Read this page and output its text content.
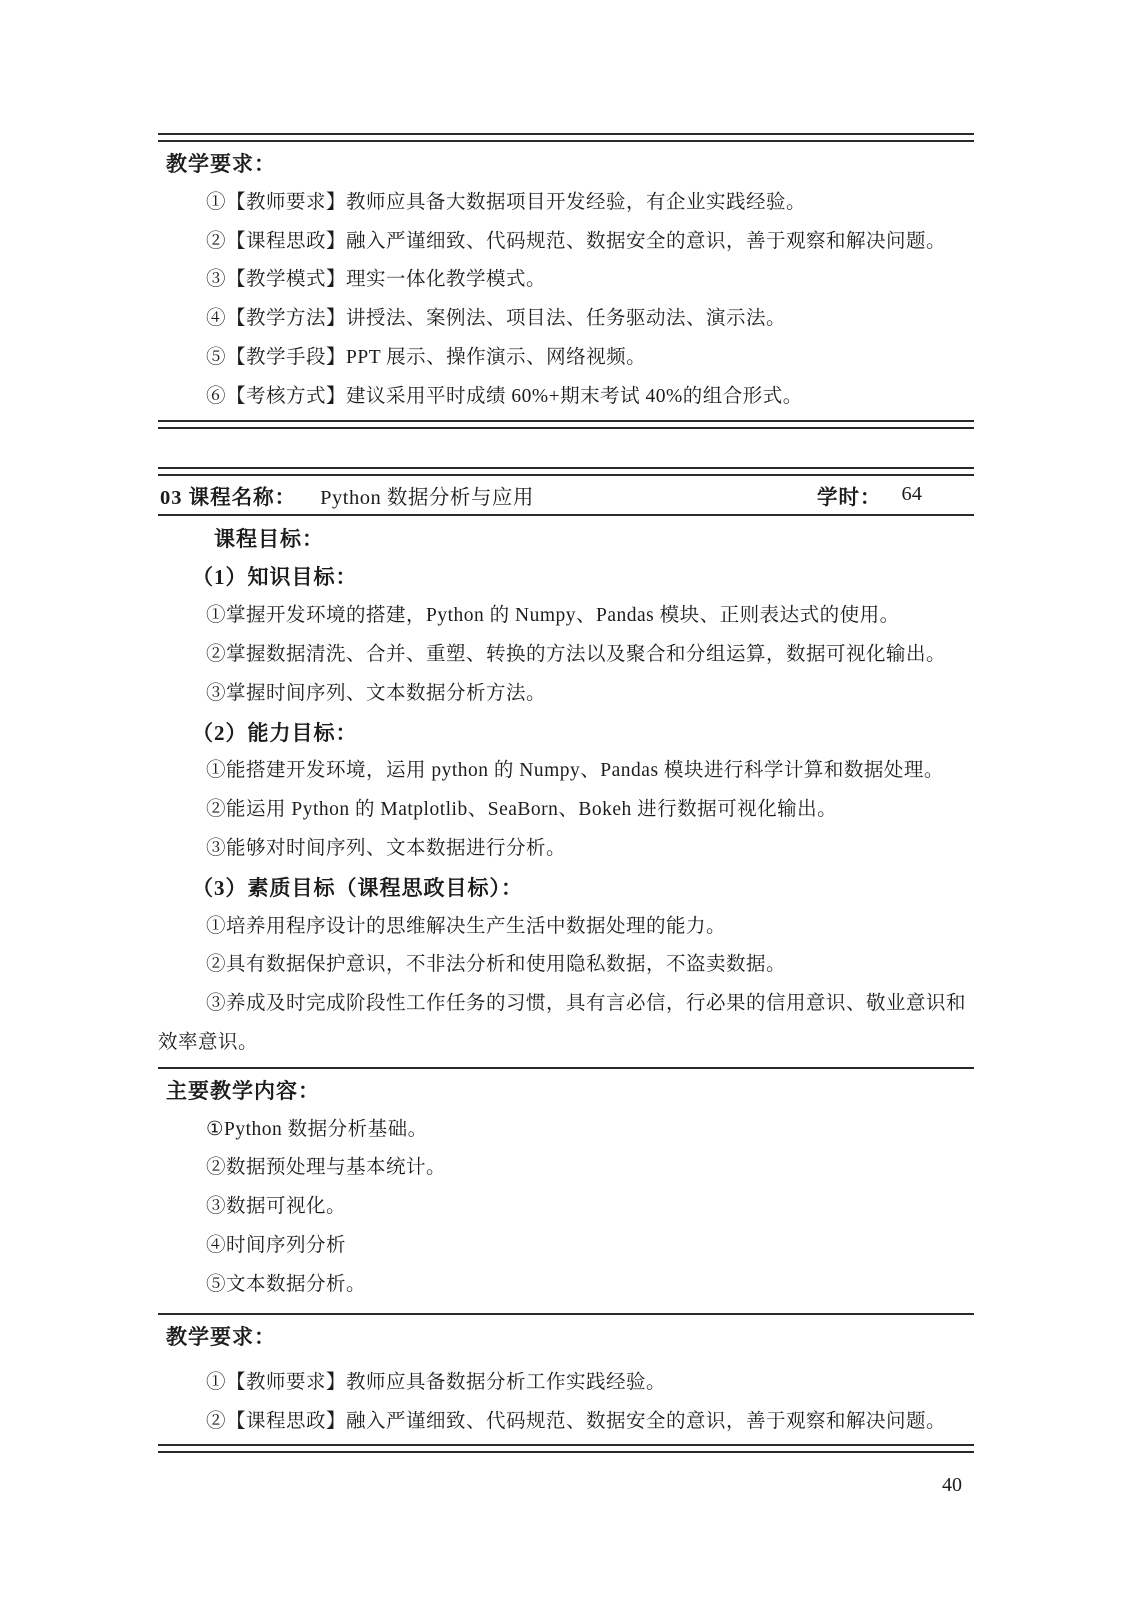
教学要求：

①【教师要求】教师应具备大数据项目开发经验，有企业实践经验。

②【课程思政】融入严谨细致、代码规范、数据安全的意识，善于观察和解决问题。

③【教学模式】理实一体化教学模式。

④【教学方法】讲授法、案例法、项目法、任务驱动法、演示法。

⑤【教学手段】PPT 展示、操作演示、网络视频。

⑥【考核方式】建议采用平时成绩 60%+期末考试 40%的组合形式。

03 课程名称： Python 数据分析与应用	学时： 64

课程目标：

（1）知识目标：

①掌握开发环境的搭建，Python 的 Numpy、Pandas 模块、正则表达式的使用。

②掌握数据清洗、合并、重塑、转换的方法以及聚合和分组运算，数据可视化输出。

③掌握时间序列、文本数据分析方法。

（2）能力目标：

①能搭建开发环境，运用 python 的 Numpy、Pandas 模块进行科学计算和数据处理。

②能运用 Python 的 Matplotlib、SeaBorn、Bokeh 进行数据可视化输出。

③能够对时间序列、文本数据进行分析。

（3）素质目标（课程思政目标）：

①培养用程序设计的思维解决生产生活中数据处理的能力。

②具有数据保护意识，不非法分析和使用隐私数据，不盗卖数据。

③养成及时完成阶段性工作任务的习惯，具有言必信，行必果的信用意识、敬业意识和效率意识。

主要教学内容：

①Python 数据分析基础。

②数据预处理与基本统计。

③数据可视化。

④时间序列分析

⑤文本数据分析。

教学要求：

①【教师要求】教师应具备数据分析工作实践经验。

②【课程思政】融入严谨细致、代码规范、数据安全的意识，善于观察和解决问题。

40
